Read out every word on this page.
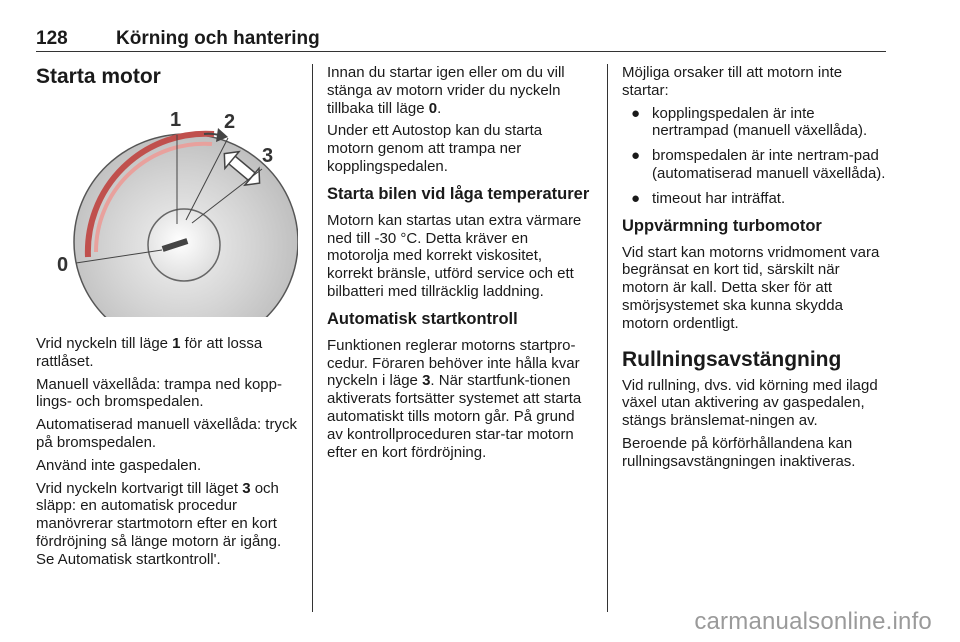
128	Körning och hantering
Starta motor
0
1 2
3

Vrid nyckeln till läge 1 för att lossa rattlåset.

Manuell växellåda: trampa ned kopp-lings- och bromspedalen.

Automatiserad manuell växellåda: tryck på bromspedalen.

Använd inte gaspedalen.

Vrid nyckeln kortvarigt till läget 3 och släpp: en automatisk procedur manövrerar startmotorn efter en kort fördröjning så länge motorn är igång. Se Automatisk startkontroll'.

Innan du startar igen eller om du vill stänga av motorn vrider du nyckeln tillbaka till läge 0.

Under ett Autostop kan du starta motorn genom att trampa ner kopplingspedalen.

Starta bilen vid låga temperaturer

Motorn kan startas utan extra värmare ned till -30 °C. Detta kräver en motorolja med korrekt viskositet, korrekt bränsle, utförd service och ett bilbatteri med tillräcklig laddning.

Automatisk startkontroll

Funktionen reglerar motorns startpro-cedur. Föraren behöver inte hålla kvar nyckeln i läge 3. När startfunk-tionen aktiverats fortsätter systemet att starta automatiskt tills motorn går. På grund av kontrollproceduren star-tar motorn efter en kort fördröjning.

Möjliga orsaker till att motorn inte startar:

● kopplingspedalen är inte nertrampad (manuell växellåda).
● bromspedalen är inte nertram-pad (automatiserad manuell växellåda).
● timeout har inträffat.
Uppvärmning turbomotor

Vid start kan motorns vridmoment vara begränsat en kort tid, särskilt när motorn är kall. Detta sker för att smörjsystemet ska kunna skydda motorn ordentligt.

Rullningsavstängning

Vid rullning, dvs. vid körning med ilagd växel utan aktivering av gaspedalen, stängs bränslemat-ningen av.

Beroende på körförhållandena kan rullningsavstängningen inaktiveras.

carmanualsonline.info
